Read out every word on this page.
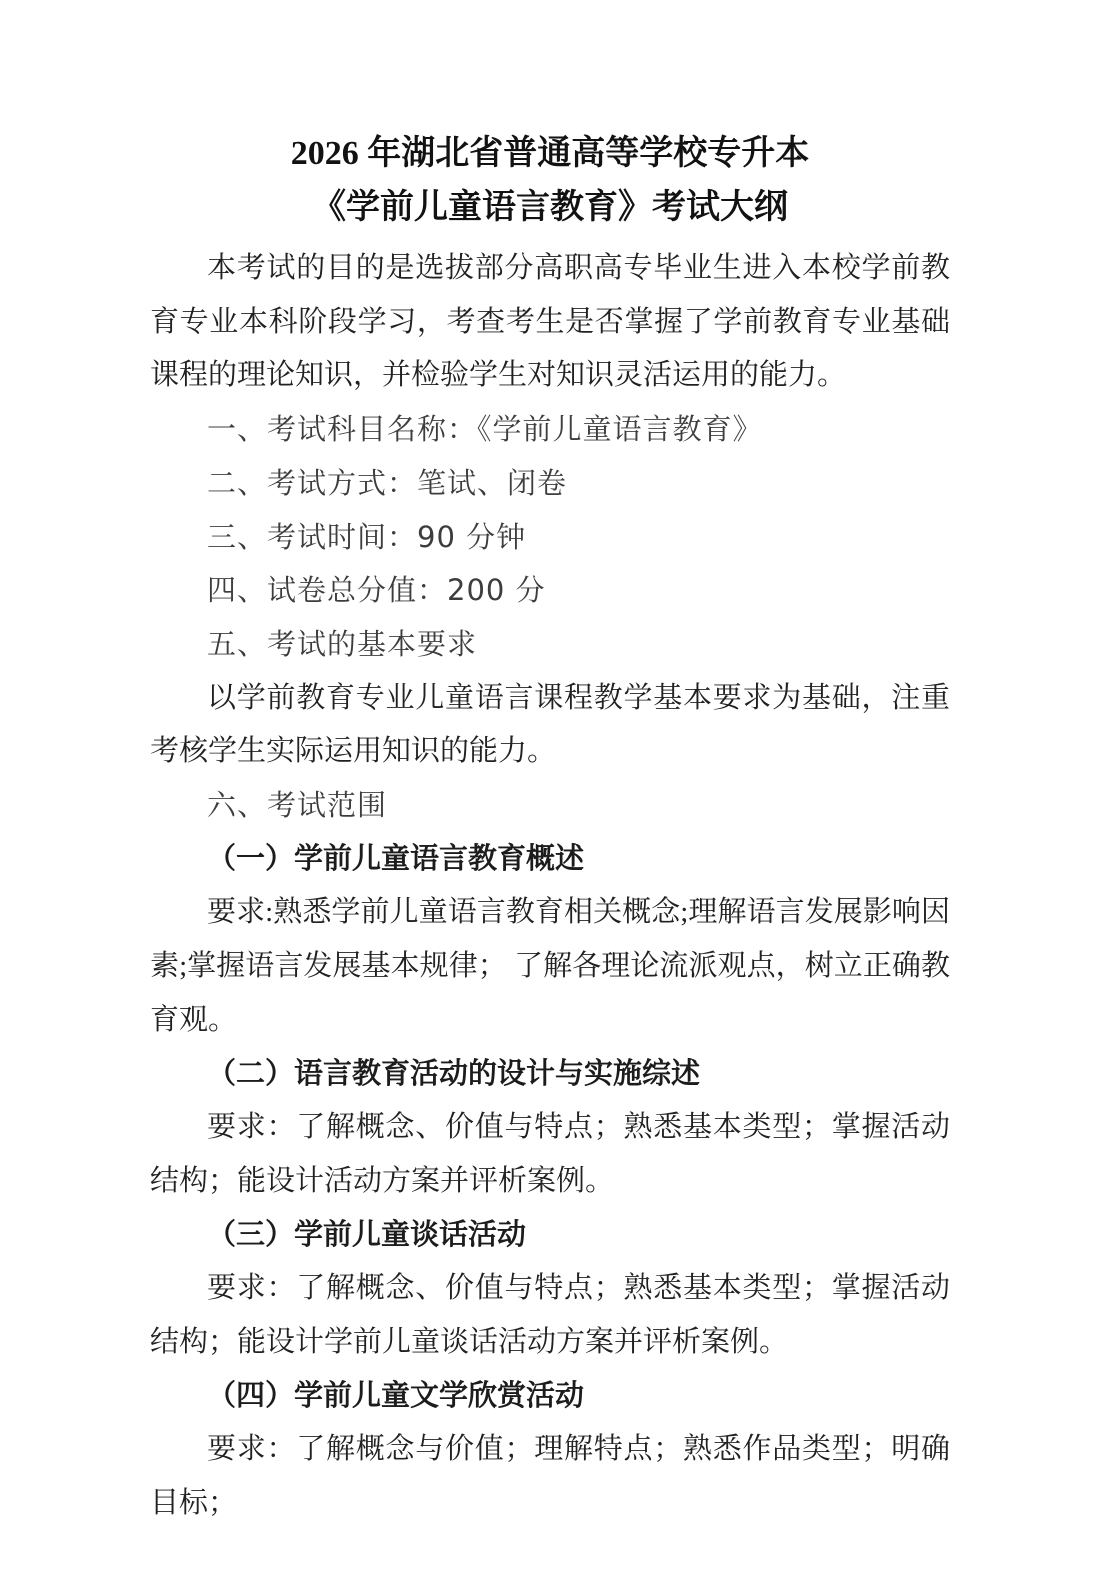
2026 年湖北省普通高等学校专升本
《学前儿童语言教育》考试大纲

本考试的目的是选拔部分高职高专毕业生进入本校学前教育专业本科阶段学习，考查考生是否掌握了学前教育专业基础课程的理论知识，并检验学生对知识灵活运用的能力。

一、考试科目名称：《学前儿童语言教育》

二、考试方式：笔试、闭卷

三、考试时间：90 分钟

四、试卷总分值：200 分

五、考试的基本要求

以学前教育专业儿童语言课程教学基本要求为基础，注重考核学生实际运用知识的能力。

六、考试范围

（一）学前儿童语言教育概述

要求:熟悉学前儿童语言教育相关概念;理解语言发展影响因素;掌握语言发展基本规律； 了解各理论流派观点，树立正确教育观。

（二）语言教育活动的设计与实施综述

要求：了解概念、价值与特点；熟悉基本类型；掌握活动结构；能设计活动方案并评析案例。

（三）学前儿童谈话活动

要求：了解概念、价值与特点；熟悉基本类型；掌握活动结构；能设计学前儿童谈话活动方案并评析案例。

（四）学前儿童文学欣赏活动

要求：了解概念与价值；理解特点；熟悉作品类型；明确目标；
